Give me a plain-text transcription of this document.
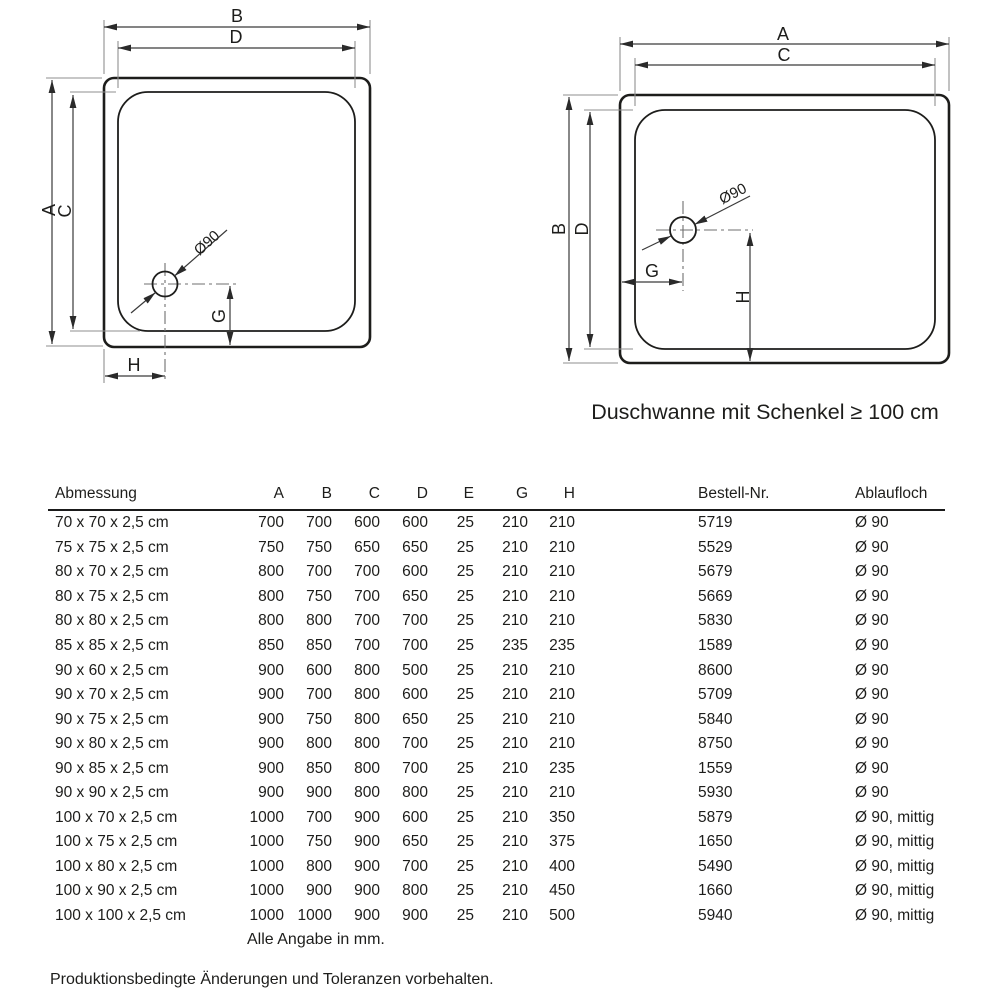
B
D
A
C
G
H
Ø90
A
C
B D
G
H
Ø90
Duschwanne mit Schenkel ≥ 100 cm
Abmessung	A	B	C	D	E	G	H	Bestell-Nr.	Ablaufloch
70 x 70 x 2,5 cm	700	700	600	600	25	210	210	5719	Ø 90
75 x 75 x 2,5 cm	750	750	650	650	25	210	210	5529	Ø 90
80 x 70 x 2,5 cm	800	700	700	600	25	210	210	5679	Ø 90
80 x 75 x 2,5 cm	800	750	700	650	25	210	210	5669	Ø 90
80 x 80 x 2,5 cm	800	800	700	700	25	210	210	5830	Ø 90
85 x 85 x 2,5 cm	850	850	700	700	25	235	235	1589	Ø 90
90 x 60 x 2,5 cm	900	600	800	500	25	210	210	8600	Ø 90
90 x 70 x 2,5 cm	900	700	800	600	25	210	210	5709	Ø 90
90 x 75 x 2,5 cm	900	750	800	650	25	210	210	5840	Ø 90
90 x 80 x 2,5 cm	900	800	800	700	25	210	210	8750	Ø 90
90 x 85 x 2,5 cm	900	850	800	700	25	210	235	1559	Ø 90
90 x 90 x 2,5 cm	900	900	800	800	25	210	210	5930	Ø 90
100 x 70 x 2,5 cm	1000	700	900	600	25	210	350	5879	Ø 90, mittig
100 x 75 x 2,5 cm	1000	750	900	650	25	210	375	1650	Ø 90, mittig
100 x 80 x 2,5 cm	1000	800	900	700	25	210	400	5490	Ø 90, mittig
100 x 90 x 2,5 cm	1000	900	900	800	25	210	450	1660	Ø 90, mittig
100 x 100 x 2,5 cm	1000	1000	900	900	25	210	500	5940	Ø 90, mittig
Alle Angabe in mm.
Produktionsbedingte Änderungen und Toleranzen vorbehalten.
